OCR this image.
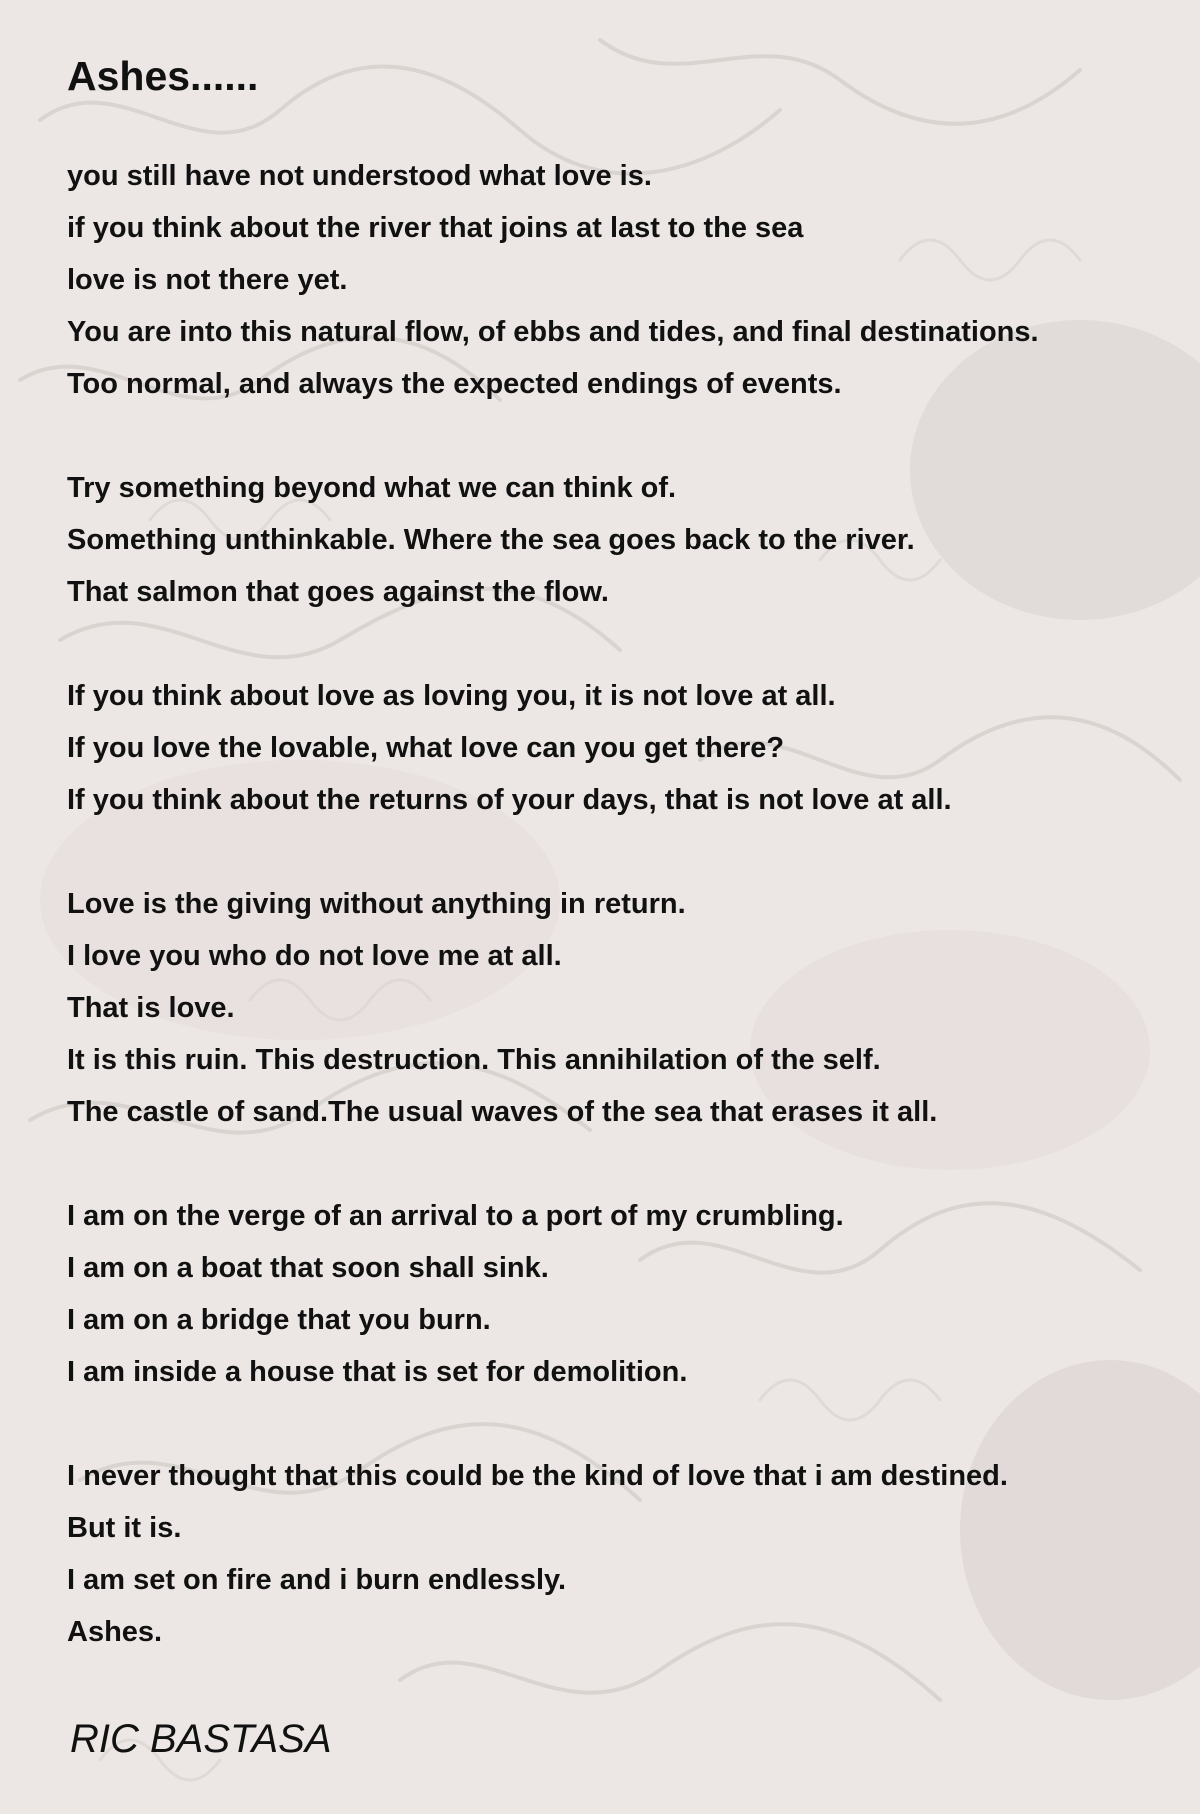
Ashes......
you still have not understood what love is.
if you think about the river that joins at last to the sea
love is not there yet.
You are into this natural flow, of ebbs and tides, and final destinations.
Too normal, and always the expected endings of events.
Try something beyond what we can think of.
Something unthinkable. Where the sea goes back to the river.
That salmon that goes against the flow.
If you think about love as loving you, it is not love at all.
If you love the lovable, what love can you get there?
If you think about the returns of your days, that is not love at all.
Love is the giving without anything in return.
I love you who do not love me at all.
That is love.
It is this ruin. This destruction. This annihilation of the self.
The castle of sand.The usual waves of the sea that erases it all.
I am on the verge of an arrival to a port of my crumbling.
I am on a boat that soon shall sink.
I am on a bridge that you burn.
I am inside a house that is set for demolition.
I never thought that this could be the kind of love that i am destined.
But it is.
I am set on fire and i burn endlessly.
Ashes.
RIC BASTASA
